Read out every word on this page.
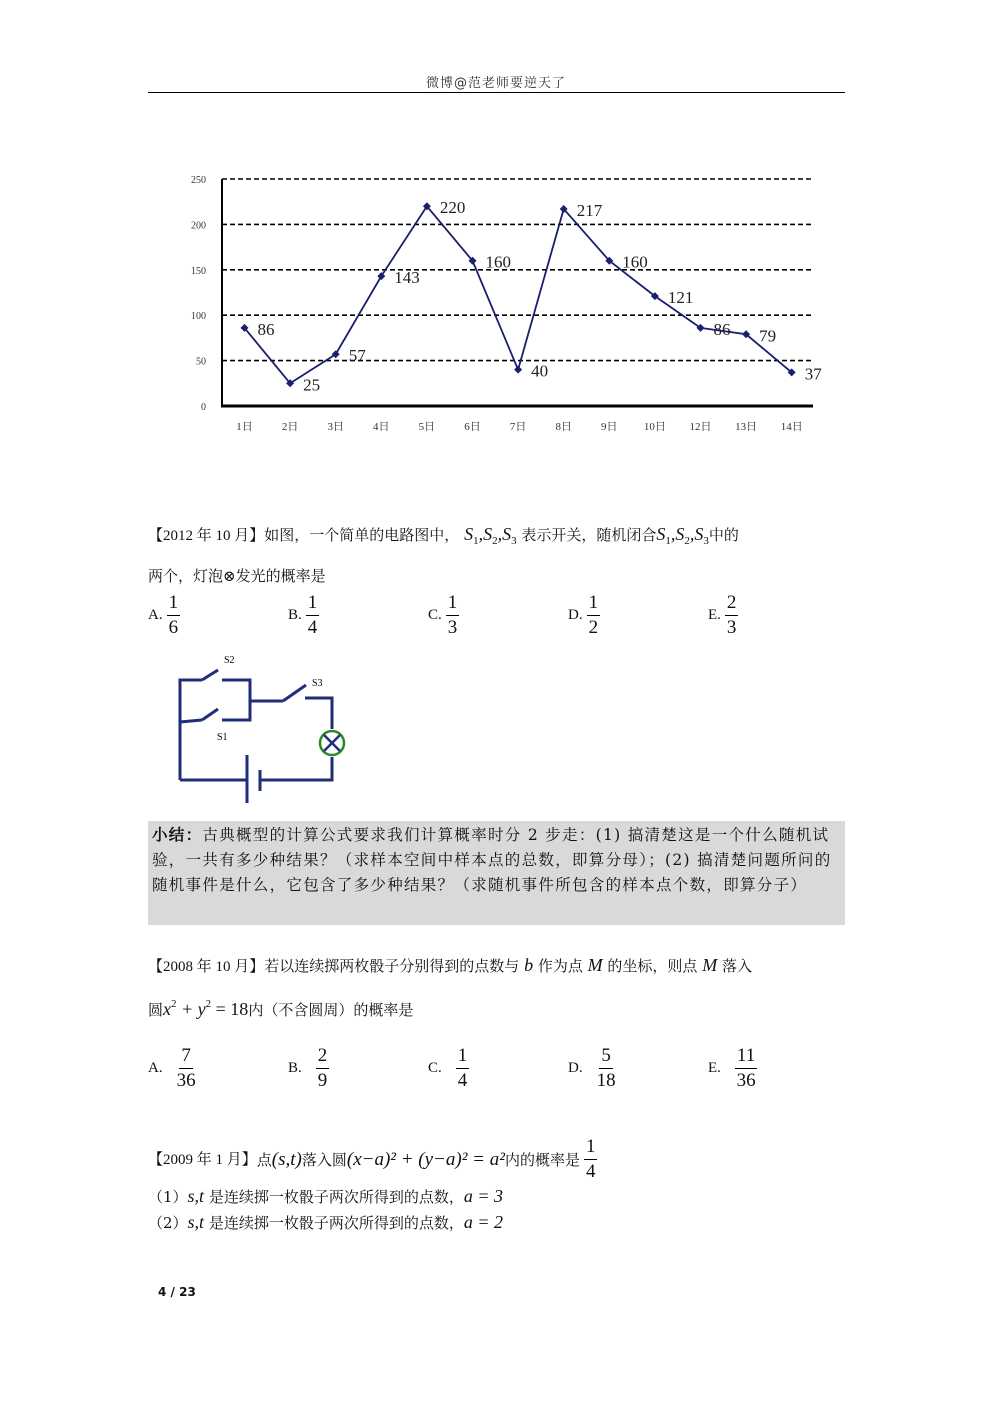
微博@范老师要逆天了
0
50
100
150
200
250
86
25
57
143
220
160
40
217
160
121
86 79
37
1日	2日	3日	4日	5日	6日	7日	8日	9日 10日 12日 13日 14日
【2012 年 10 月】如图，一个简单的电路图中， $S_1,S_2,S_3$ 表示开关，随机闭合$S_1,S_2,S_3$中的
两个，灯泡⊗发光的概率是
A. $\frac{1}{6}$	B. $\frac{1}{4}$	C. $\frac{1}{3}$	D. $\frac{1}{2}$	E. $\frac{2}{3}$
S2
S1
S3

小结：古典概型的计算公式要求我们计算概率时分 2 步走：(1) 搞清楚这是一个什么随机试验，一共有多少种结果？（求样本空间中样本点的总数，即算分母）；(2) 搞清楚问题所问的随机事件是什么，它包含了多少种结果？（求随机事件所包含的样本点个数，即算分子）

【2008 年 10 月】若以连续掷两枚骰子分别得到的点数与 b 作为点 M 的坐标，则点 M 落入
圆$x^2 + y^2 = 18$内（不含圆周）的概率是
A. $\frac{7}{36}$	B. $\frac{2}{9}$	C. $\frac{1}{4}$	D. $\frac{5}{18}$	E. $\frac{11}{36}$
【2009 年 1 月】 点 (s,t) 落入圆 (x−a)² + (y−a)² = a² 内的概率是 $\frac{1}{4}$
（1）s,t 是连续掷一枚骰子两次所得到的点数，a = 3
（2）s,t 是连续掷一枚骰子两次所得到的点数，a = 2
4 / 23
